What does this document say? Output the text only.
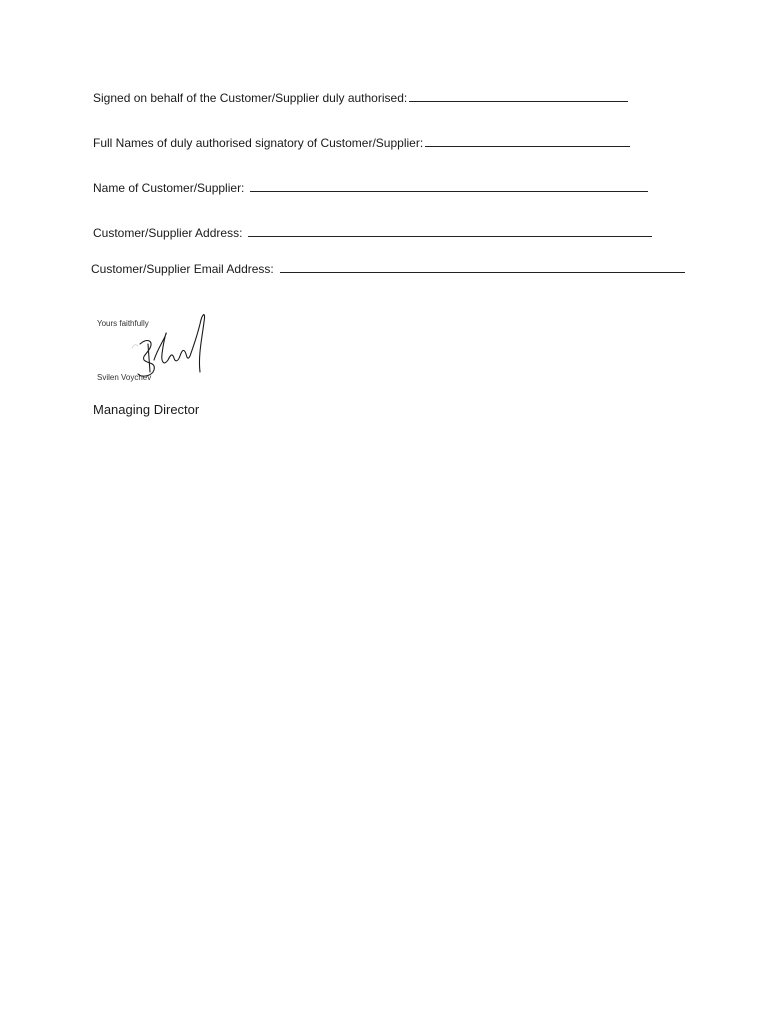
Signed on behalf of the Customer/Supplier duly authorised:
Full Names of duly authorised signatory of Customer/Supplier:
Name of Customer/Supplier:
Customer/Supplier Address:
Customer/Supplier Email Address:
Yours faithfully
Svilen Voychev
Managing Director
